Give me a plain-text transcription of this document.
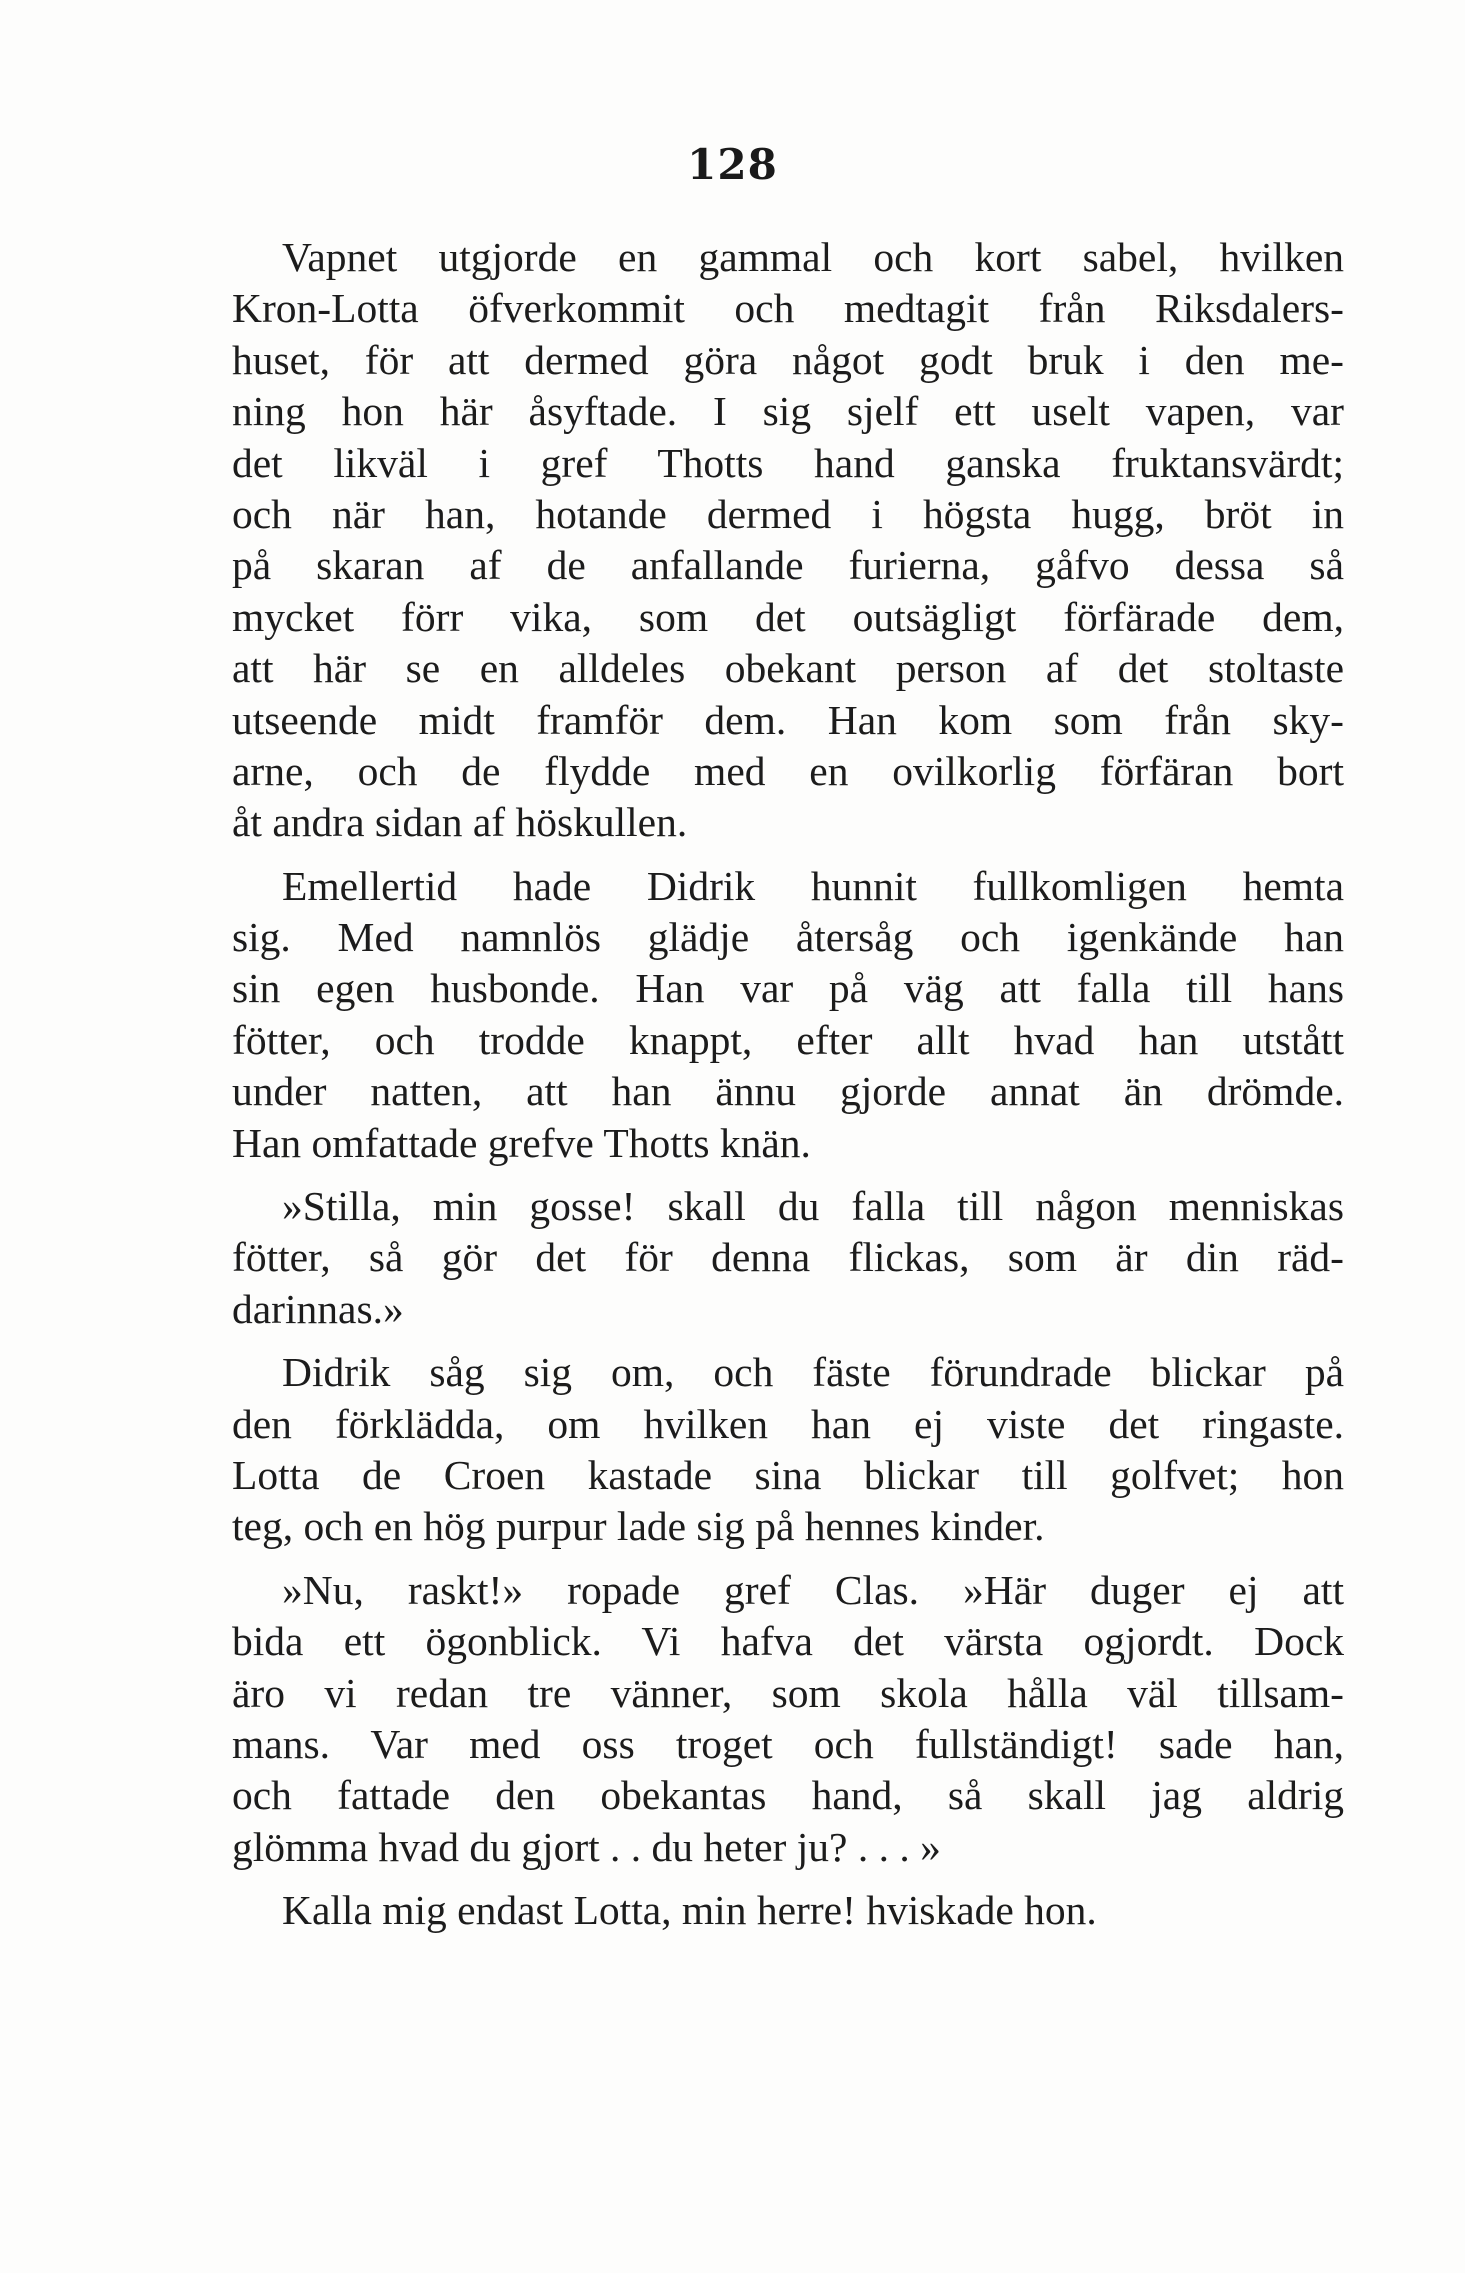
128
Vapnet utgjorde en gammal och kort sabel, hvilken
Kron-Lotta öfverkommit och medtagit från Riksdalers-
huset, för att dermed göra något godt bruk i den me-
ning hon här åsyftade. I sig sjelf ett uselt vapen, var
det likväl i gref Thotts hand ganska fruktansvärdt;
och när han, hotande dermed i högsta hugg, bröt in
på skaran af de anfallande furierna, gåfvo dessa så
mycket förr vika, som det outsägligt förfärade dem,
att här se en alldeles obekant person af det stoltaste
utseende midt framför dem. Han kom som från sky-
arne, och de flydde med en ovilkorlig förfäran bort
åt andra sidan af höskullen.
Emellertid hade Didrik hunnit fullkomligen hemta
sig. Med namnlös glädje återsåg och igenkände han
sin egen husbonde. Han var på väg att falla till hans
fötter, och trodde knappt, efter allt hvad han utstått
under natten, att han ännu gjorde annat än drömde.
Han omfattade grefve Thotts knän.
»Stilla, min gosse! skall du falla till någon menniskas
fötter, så gör det för denna flickas, som är din räd-
darinnas.»
Didrik såg sig om, och fäste förundrade blickar på
den förklädda, om hvilken han ej viste det ringaste.
Lotta de Croen kastade sina blickar till golfvet; hon
teg, och en hög purpur lade sig på hennes kinder.
»Nu, raskt!» ropade gref Clas. »Här duger ej att
bida ett ögonblick. Vi hafva det värsta ogjordt. Dock
äro vi redan tre vänner, som skola hålla väl tillsam-
mans. Var med oss troget och fullständigt! sade han,
och fattade den obekantas hand, så skall jag aldrig
glömma hvad du gjort . . du heter ju? . . . »
Kalla mig endast Lotta, min herre! hviskade hon.
